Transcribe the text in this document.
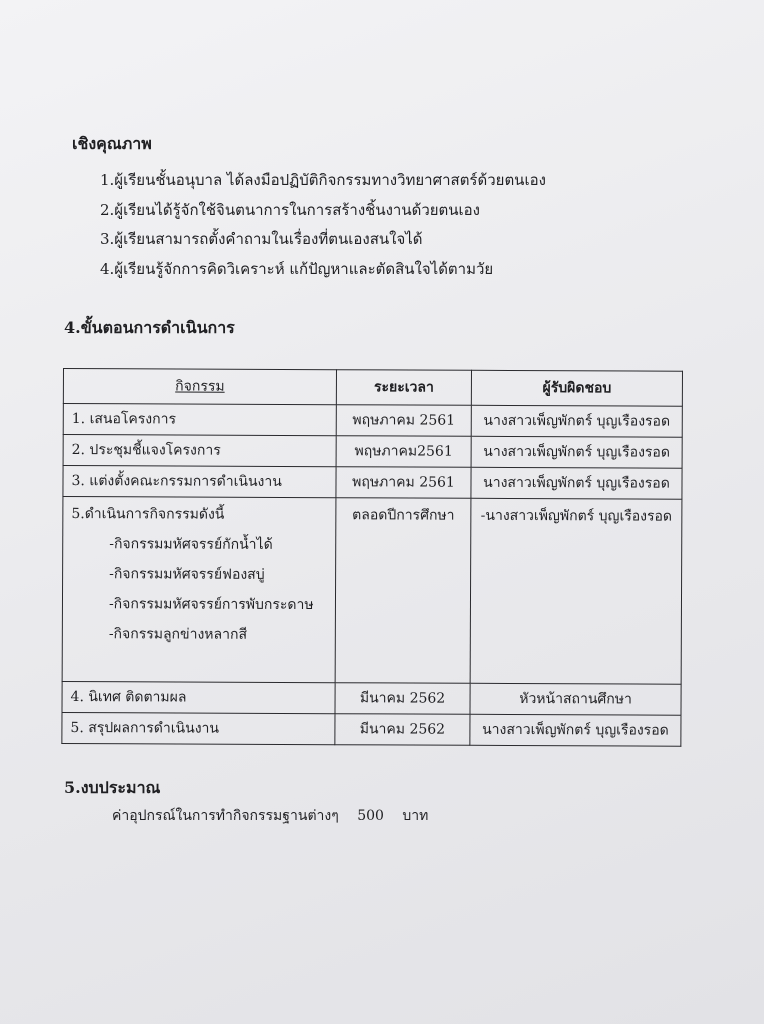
เชิงคุณภาพ
1.ผู้เรียนชั้นอนุบาล ได้ลงมือปฏิบัติกิจกรรมทางวิทยาศาสตร์ด้วยตนเอง
2.ผู้เรียนได้รู้จักใช้จินตนาการในการสร้างชิ้นงานด้วยตนเอง
3.ผู้เรียนสามารถตั้งคำถามในเรื่องที่ตนเองสนใจได้
4.ผู้เรียนรู้จักการคิดวิเคราะห์ แก้ปัญหาและตัดสินใจได้ตามวัย
4.ขั้นตอนการดำเนินการ
กิจกรรม	ระยะเวลา	ผู้รับผิดชอบ
1. เสนอโครงการ	พฤษภาคม 2561	นางสาวเพ็ญพักตร์ บุญเรืองรอด
2. ประชุมชี้แจงโครงการ	พฤษภาคม2561	นางสาวเพ็ญพักตร์ บุญเรืองรอด
3. แต่งตั้งคณะกรรมการดำเนินงาน	พฤษภาคม 2561	นางสาวเพ็ญพักตร์ บุญเรืองรอด

5.ดำเนินการกิจกรรมดังนี้
-กิจกรรมมหัศจรรย์กักน้ำได้
-กิจกรรมมหัศจรรย์ฟองสบู่
-กิจกรรมมหัศจรรย์การพับกระดาษ
-กิจกรรมลูกข่างหลากสี	ตลอดปีการศึกษา	-นางสาวเพ็ญพักตร์ บุญเรืองรอด
4. นิเทศ ติดตามผล	มีนาคม 2562	หัวหน้าสถานศึกษา
5. สรุปผลการดำเนินงาน	มีนาคม 2562	นางสาวเพ็ญพักตร์ บุญเรืองรอด
5.งบประมาณ
ค่าอุปกรณ์ในการทำกิจกรรมฐานต่างๆ 500 บาท
